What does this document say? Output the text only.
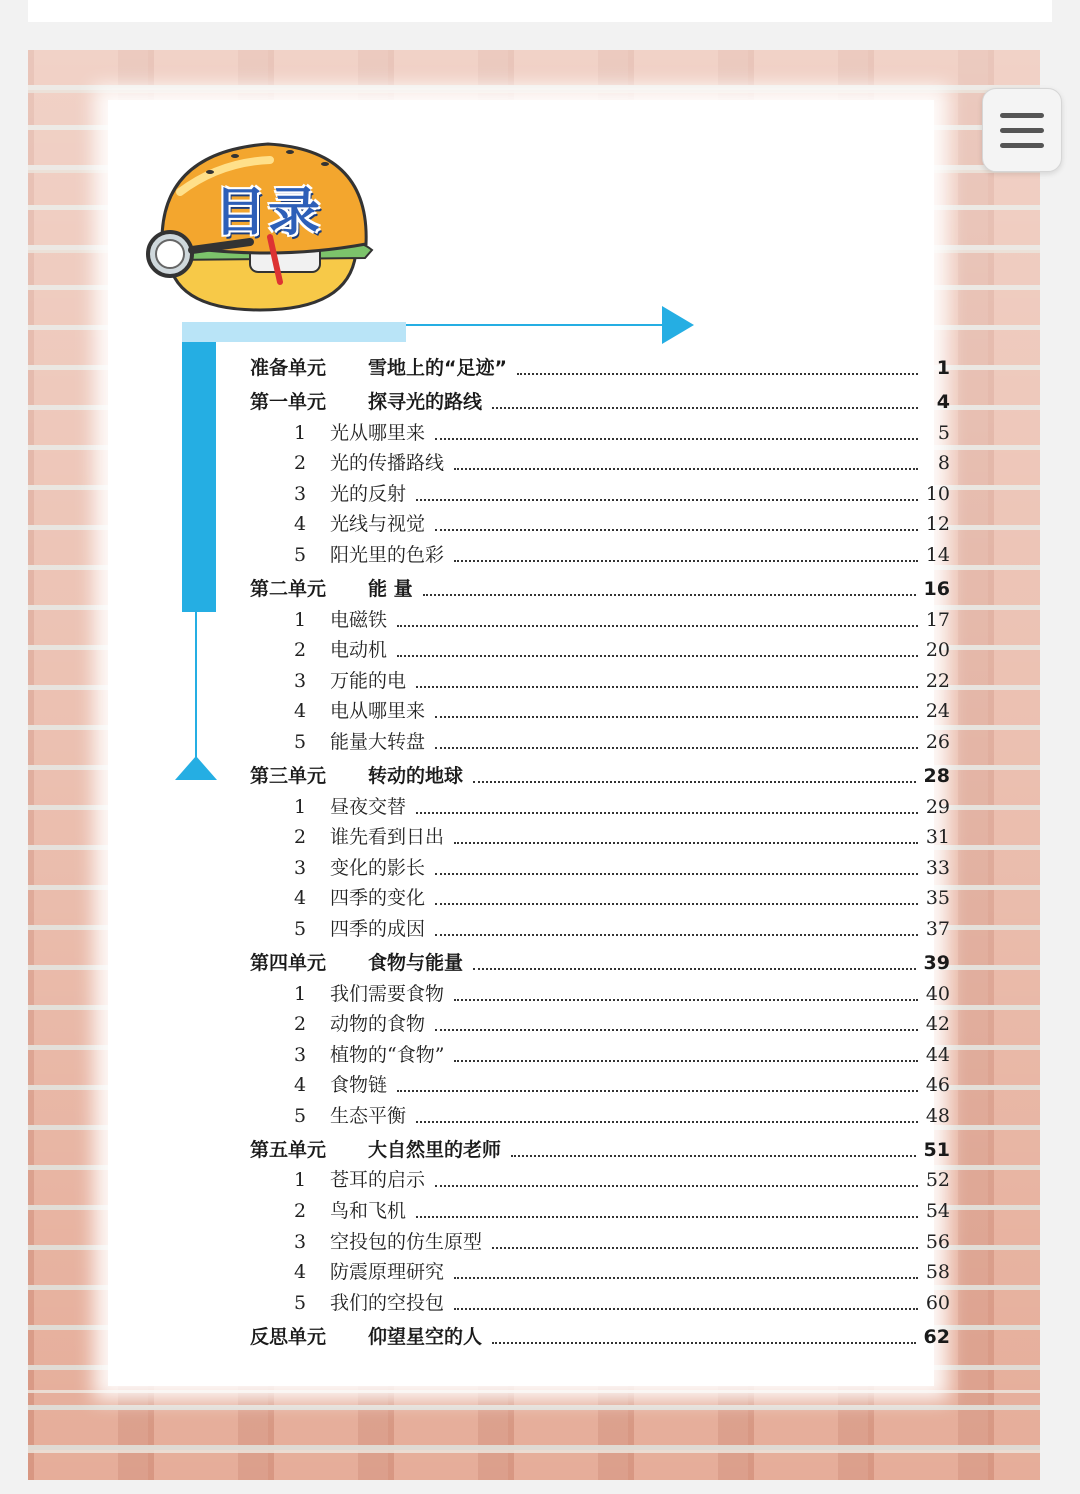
目录
准备单元	雪地上的“足迹”	1
第一单元	探寻光的路线	4
1	光从哪里来	5
2	光的传播路线	8
3	光的反射	10
4	光线与视觉	12
5	阳光里的色彩	14
第二单元	能 量	16
1	电磁铁	17
2	电动机	20
3	万能的电	22
4	电从哪里来	24
5	能量大转盘	26
第三单元	转动的地球	28
1	昼夜交替	29
2	谁先看到日出	31
3	变化的影长	33
4	四季的变化	35
5	四季的成因	37
第四单元	食物与能量	39
1	我们需要食物	40
2	动物的食物	42
3	植物的“食物”	44
4	食物链	46
5	生态平衡	48
第五单元	大自然里的老师	51
1	苍耳的启示	52
2	鸟和飞机	54
3	空投包的仿生原型	56
4	防震原理研究	58
5	我们的空投包	60
反思单元	仰望星空的人	62
